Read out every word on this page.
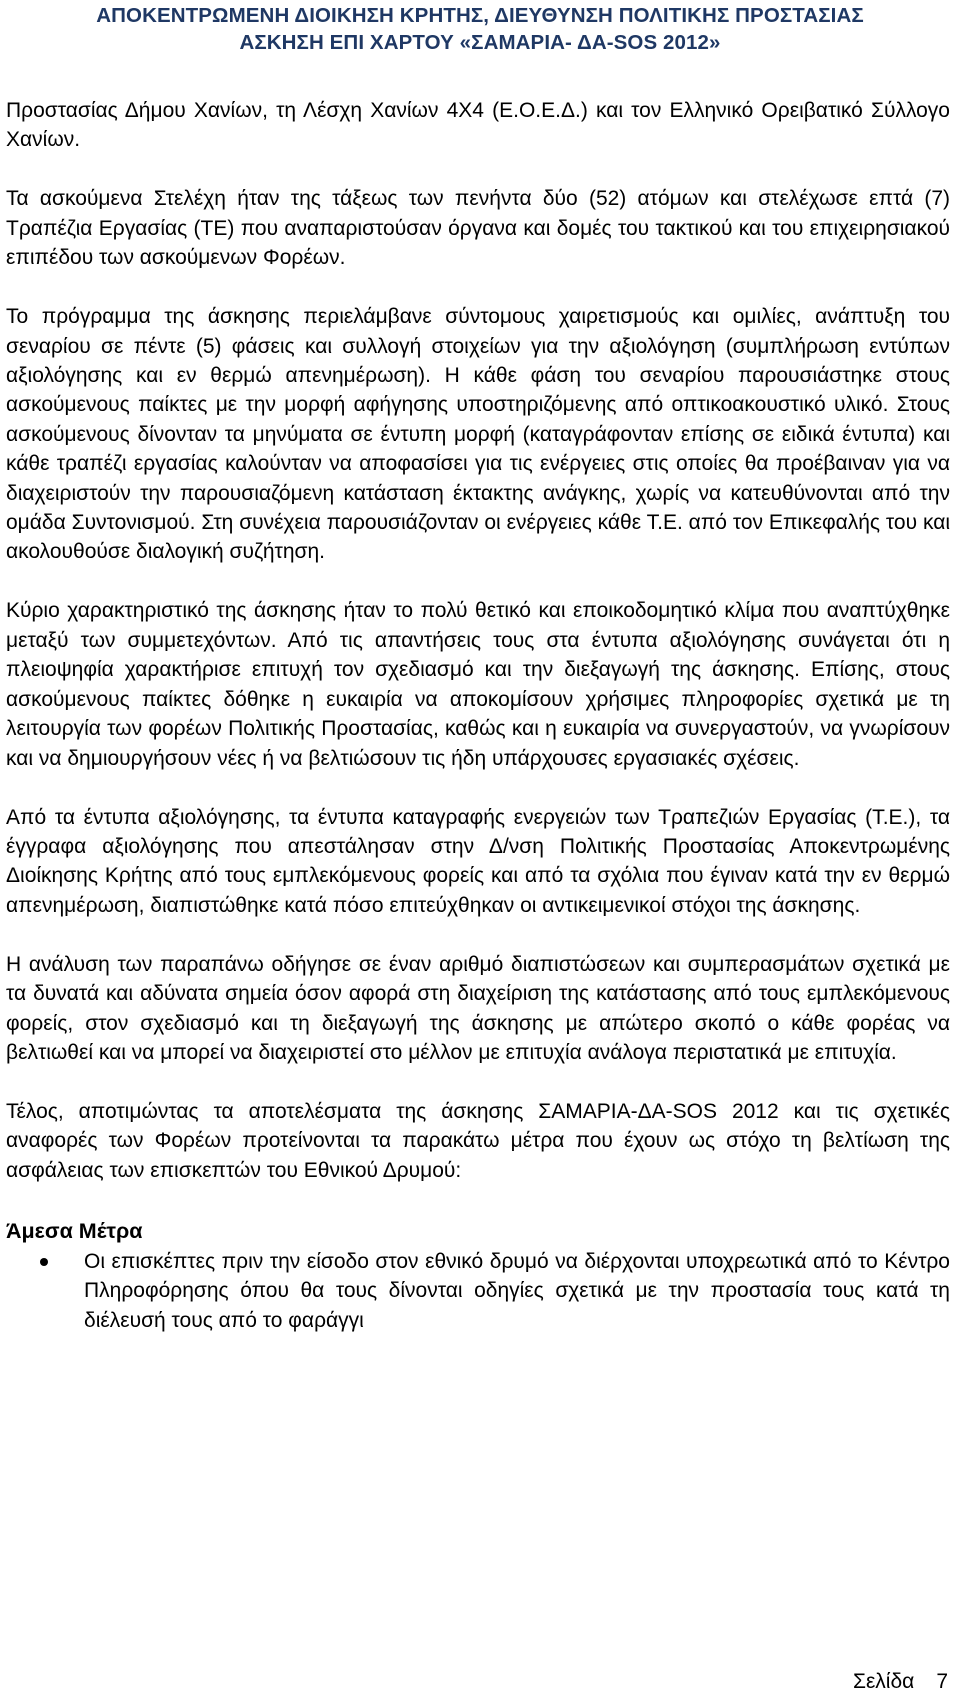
ΑΠΟΚΕΝΤΡΩΜΕΝΗ ΔΙΟΙΚΗΣΗ ΚΡΗΤΗΣ, ΔΙΕΥΘΥΝΣΗ ΠΟΛΙΤΙΚΗΣ ΠΡΟΣΤΑΣΙΑΣ
ΑΣΚΗΣΗ ΕΠΙ ΧΑΡΤΟΥ «ΣΑΜΑΡΙΑ- ΔΑ-SOS 2012»

Προστασίας Δήμου Χανίων, τη Λέσχη Χανίων 4Χ4 (Ε.Ο.Ε.Δ.) και τον Ελληνικό Ορειβατικό Σύλλογο Χανίων.

Τα ασκούμενα Στελέχη ήταν της τάξεως των πενήντα δύο (52) ατόμων και στελέχωσε επτά (7) Τραπέζια Εργασίας (ΤΕ) που αναπαριστούσαν όργανα και δομές του τακτικού και του επιχειρησιακού επιπέδου των ασκούμενων Φορέων.

Το πρόγραμμα της άσκησης περιελάμβανε σύντομους χαιρετισμούς και ομιλίες, ανάπτυξη του σεναρίου σε πέντε (5) φάσεις και συλλογή στοιχείων για την αξιολόγηση (συμπλήρωση εντύπων αξιολόγησης και εν θερμώ απενημέρωση). Η κάθε φάση του σεναρίου παρουσιάστηκε στους ασκούμενους παίκτες με την μορφή αφήγησης υποστηριζόμενης από οπτικοακουστικό υλικό. Στους ασκούμενους δίνονταν τα μηνύματα σε έντυπη μορφή (καταγράφονταν επίσης σε ειδικά έντυπα) και κάθε τραπέζι εργασίας καλούνταν να αποφασίσει για τις ενέργειες στις οποίες θα προέβαιναν για να διαχειριστούν την παρουσιαζόμενη κατάσταση έκτακτης ανάγκης, χωρίς να κατευθύνονται από την ομάδα Συντονισμού. Στη συνέχεια παρουσιάζονταν οι ενέργειες κάθε Τ.Ε. από τον Επικεφαλής του και ακολουθούσε διαλογική συζήτηση.

Κύριο χαρακτηριστικό της άσκησης ήταν το πολύ θετικό και εποικοδομητικό κλίμα που αναπτύχθηκε μεταξύ των συμμετεχόντων. Από τις απαντήσεις τους στα έντυπα αξιολόγησης συνάγεται ότι η πλειοψηφία χαρακτήρισε επιτυχή τον σχεδιασμό και την διεξαγωγή της άσκησης. Επίσης, στους ασκούμενους παίκτες δόθηκε η ευκαιρία να αποκομίσουν χρήσιμες πληροφορίες σχετικά με τη λειτουργία των φορέων Πολιτικής Προστασίας, καθώς και η ευκαιρία να συνεργαστούν, να γνωρίσουν και να δημιουργήσουν νέες ή να βελτιώσουν τις ήδη υπάρχουσες εργασιακές σχέσεις.

Από τα έντυπα αξιολόγησης, τα έντυπα καταγραφής ενεργειών των Τραπεζιών Εργασίας (Τ.Ε.), τα έγγραφα αξιολόγησης που απεστάλησαν στην Δ/νση Πολιτικής Προστασίας Αποκεντρωμένης Διοίκησης Κρήτης από τους εμπλεκόμενους φορείς και από τα σχόλια που έγιναν κατά την εν θερμώ απενημέρωση, διαπιστώθηκε κατά πόσο επιτεύχθηκαν οι αντικειμενικοί στόχοι της άσκησης.

Η ανάλυση των παραπάνω οδήγησε σε έναν αριθμό διαπιστώσεων και συμπερασμάτων σχετικά με τα δυνατά και αδύνατα σημεία όσον αφορά στη διαχείριση της κατάστασης από τους εμπλεκόμενους φορείς, στον σχεδιασμό και τη διεξαγωγή της άσκησης με απώτερο σκοπό ο κάθε φορέας να βελτιωθεί και να μπορεί να διαχειριστεί στο μέλλον με επιτυχία ανάλογα περιστατικά με επιτυχία.

Τέλος, αποτιμώντας τα αποτελέσματα της άσκησης ΣΑΜΑΡΙΑ-ΔΑ-SOS 2012 και τις σχετικές αναφορές των Φορέων προτείνονται τα παρακάτω μέτρα που έχουν ως στόχο τη βελτίωση της ασφάλειας των επισκεπτών του Εθνικού Δρυμού:

Άμεσα Μέτρα

Οι επισκέπτες πριν την είσοδο στον εθνικό δρυμό να διέρχονται υποχρεωτικά από το Κέντρο Πληροφόρησης όπου θα τους δίνονται οδηγίες σχετικά με την προστασία τους κατά τη διέλευσή τους από το φαράγγι
Σελίδα 7
